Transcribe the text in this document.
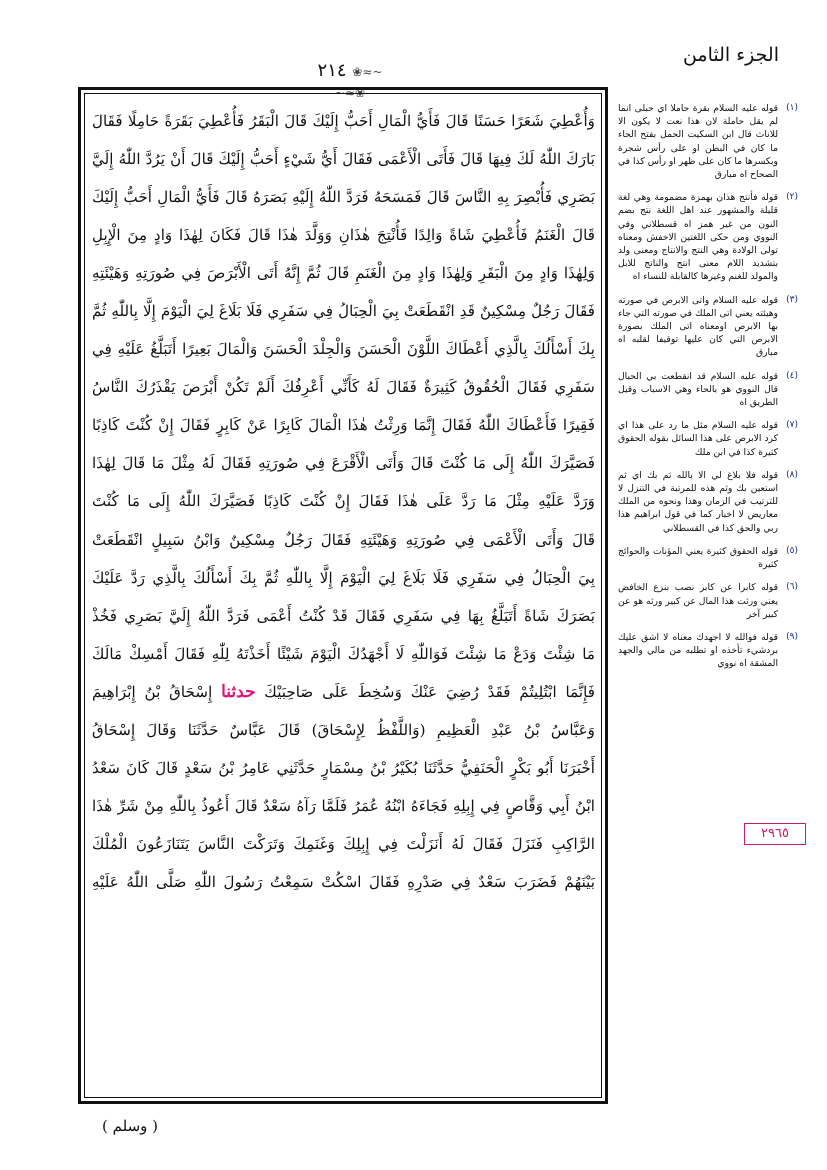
الجزء الثامن
~≈❀ ٢١٤ ❀≈~
وَأُعْطِيَ شَعَرًا حَسَنًا قَالَ فَأَيُّ الْمَالِ أَحَبُّ إِلَيْكَ قَالَ الْبَقَرُ فَأُعْطِيَ بَقَرَةً حَامِلًا فَقَالَ
بَارَكَ اللّٰهُ لَكَ فِيهَا قَالَ فَأَتَى الْأَعْمَى فَقَالَ أَيُّ شَيْءٍ أَحَبُّ إِلَيْكَ قَالَ أَنْ يَرُدَّ اللّٰهُ إِلَيَّ
بَصَرِي فَأُبْصِرَ بِهِ النَّاسَ قَالَ فَمَسَحَهُ فَرَدَّ اللّٰهُ إِلَيْهِ بَصَرَهُ قَالَ فَأَيُّ الْمَالِ أَحَبُّ إِلَيْكَ
قَالَ الْغَنَمُ فَأُعْطِيَ شَاةً وَالِدًا فَأُنْتِجَ هٰذَانِ وَوَلَّدَ هٰذَا قَالَ فَكَانَ لِهٰذَا وَادٍ مِنَ الْإِبِلِ
وَلِهٰذَا وَادٍ مِنَ الْبَقَرِ وَلِهٰذَا وَادٍ مِنَ الْغَنَمِ قَالَ ثُمَّ إِنَّهُ أَتَى الْأَبْرَصَ فِي صُورَتِهِ وَهَيْئَتِهِ
فَقَالَ رَجُلٌ مِسْكِينٌ قَدِ انْقَطَعَتْ بِيَ الْحِبَالُ فِي سَفَرِي فَلَا بَلَاغَ لِيَ الْيَوْمَ إِلَّا بِاللّٰهِ ثُمَّ
بِكَ أَسْأَلُكَ بِالَّذِي أَعْطَاكَ اللَّوْنَ الْحَسَنَ وَالْجِلْدَ الْحَسَنَ وَالْمَالَ بَعِيرًا أَتَبَلَّغُ عَلَيْهِ فِي
سَفَرِي فَقَالَ الْحُقُوقُ كَثِيرَةٌ فَقَالَ لَهُ كَأَنِّي أَعْرِفُكَ أَلَمْ تَكُنْ أَبْرَصَ يَقْذَرُكَ النَّاسُ
فَقِيرًا فَأَعْطَاكَ اللّٰهُ فَقَالَ إِنَّمَا وَرِثْتُ هٰذَا الْمَالَ كَابِرًا عَنْ كَابِرٍ فَقَالَ إِنْ كُنْتَ كَاذِبًا
فَصَيَّرَكَ اللّٰهُ إِلَى مَا كُنْتَ قَالَ وَأَتَى الْأَقْرَعَ فِي صُورَتِهِ فَقَالَ لَهُ مِثْلَ مَا قَالَ لِهٰذَا
وَرَدَّ عَلَيْهِ مِثْلَ مَا رَدَّ عَلَى هٰذَا فَقَالَ إِنْ كُنْتَ كَاذِبًا فَصَيَّرَكَ اللّٰهُ إِلَى مَا كُنْتَ
قَالَ وَأَتَى الْأَعْمَى فِي صُورَتِهِ وَهَيْئَتِهِ فَقَالَ رَجُلٌ مِسْكِينٌ وَابْنُ سَبِيلٍ انْقَطَعَتْ
بِيَ الْحِبَالُ فِي سَفَرِي فَلَا بَلَاغَ لِيَ الْيَوْمَ إِلَّا بِاللّٰهِ ثُمَّ بِكَ أَسْأَلُكَ بِالَّذِي رَدَّ عَلَيْكَ
بَصَرَكَ شَاةً أَتَبَلَّغُ بِهَا فِي سَفَرِي فَقَالَ قَدْ كُنْتُ أَعْمَى فَرَدَّ اللّٰهُ إِلَيَّ بَصَرِي فَخُذْ
مَا شِئْتَ وَدَعْ مَا شِئْتَ فَوَاللّٰهِ لَا أَجْهَدُكَ الْيَوْمَ شَيْئًا أَخَذْتَهُ لِلّٰهِ فَقَالَ أَمْسِكْ مَالَكَ
فَإِنَّمَا ابْتُلِيتُمْ فَقَدْ رُضِيَ عَنْكَ وَسُخِطَ عَلَى صَاحِبَيْكَ حدثنا إِسْحَاقُ بْنُ إِبْرَاهِيمَ
وَعَبَّاسُ بْنُ عَبْدِ الْعَظِيمِ (وَاللَّفْظُ لِإِسْحَاقَ) قَالَ عَبَّاسٌ حَدَّثَنَا وَقَالَ إِسْحَاقُ
أَخْبَرَنَا أَبُو بَكْرٍ الْحَنَفِيُّ حَدَّثَنَا بُكَيْرُ بْنُ مِسْمَارٍ حَدَّثَنِي عَامِرُ بْنُ سَعْدٍ قَالَ كَانَ سَعْدُ
ابْنُ أَبِي وَقَّاصٍ فِي إِبِلِهِ فَجَاءَهُ ابْنُهُ عُمَرُ فَلَمَّا رَآهُ سَعْدٌ قَالَ أَعُوذُ بِاللّٰهِ مِنْ شَرِّ هٰذَا
الرَّاكِبِ فَنَزَلَ فَقَالَ لَهُ أَنَزَلْتَ فِي إِبِلِكَ وَغَنَمِكَ وَتَرَكْتَ النَّاسَ يَتَنَازَعُونَ الْمُلْكَ
بَيْنَهُمْ فَضَرَبَ سَعْدٌ فِي صَدْرِهِ فَقَالَ اسْكُتْ سَمِعْتُ رَسُولَ اللّٰهِ صَلَّى اللّٰهُ عَلَيْهِ
(١)
قوله عليه السلام بقرة حاملا اي حبلى انما لم يقل حاملة لان هذا نعت لا يكون الا للاناث قال ابن السكيت الحمل بفتح الحاء ما كان في البطن او على رأس شجرة وبكسرها ما كان على ظهر او رأس كذا في الصحاح اه مبارق
(٢)
قوله فأنتج هذان بهمزة مضمومة وهي لغة قليلة والمشهور عند اهل اللغة نتج بضم النون من غير همز اه قسطلاني وفي النووي ومن حكى اللغتين الاخفش ومعناه تولى الولادة وهي النتج والانتاج ومعنى ولد بتشديد اللام معنى انتج والناتج للابل والمولد للغنم وغيرها كالقابلة للنساء اه
(٣)
قوله عليه السلام واتى الابرص في صورته وهيئته يعني اتى الملك في صورته التي جاء بها الابرص اومعناه اتى الملك بصورة الابرص التي كان عليها توقيفا لقلبه اه مبارق
(٤)
قوله عليه السلام قد انقطعت بي الحبال قال النووي هو بالحاء وهي الاسباب وقيل الطريق اه
(٧)
قوله عليه السلام مثل ما رد على هذا اي كرد الابرص على هذا السائل بقوله الحقوق كثيرة كذا في ابن ملك
(٨)
قوله فلا بلاغ لي الا بالله ثم بك اي ثم استعين بك وثم هذه للمرتبة في التنزل لا للترتيب في الزمان وهذا ونحوه من الملك معاريض لا اخبار كما في قول ابراهيم هذا ربي والحق كذا في القسطلاني
(٥)
قوله الحقوق كثيرة يعني المؤنات والحوائج كثيرة
(٦)
قوله كابرا عن كابر نصب بنزع الخافض يعني ورثت هذا المال عن كبير ورثه هو عن كبير آخر
(٩)
قوله فوالله لا اجهدك معناه لا اشق عليك بردشيء تأخذه او تطلبه من مالي والجهد المشقة اه نووي
٢٩٦٥
( وسلم )
